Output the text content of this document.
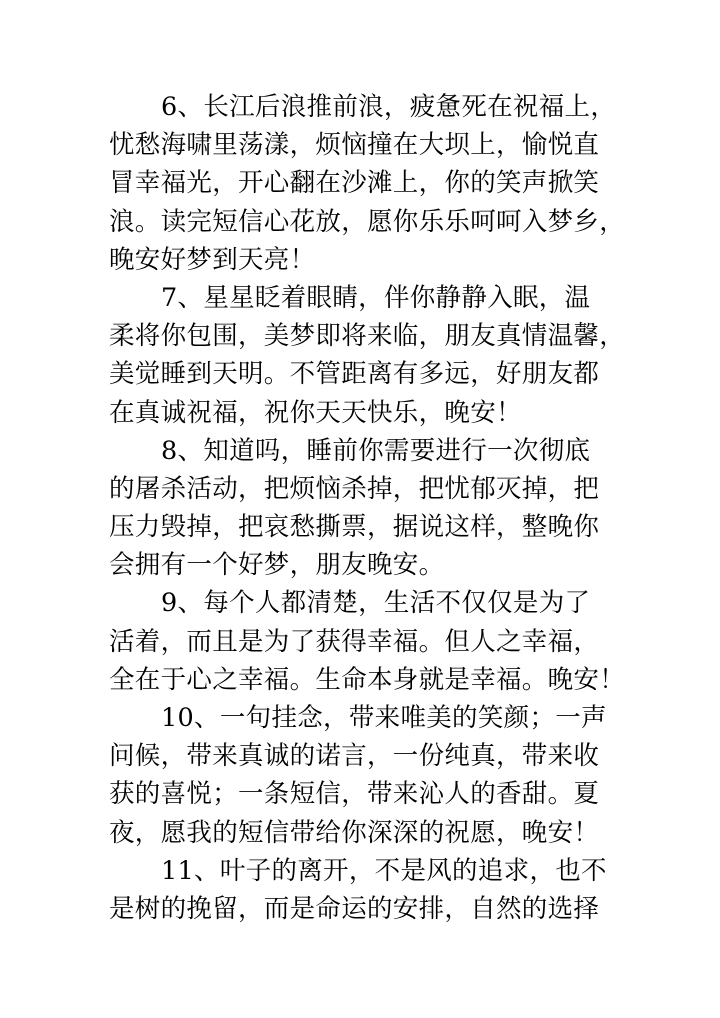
6、长江后浪推前浪，疲惫死在祝福上，
忧愁海啸里荡漾，烦恼撞在大坝上，愉悦直
冒幸福光，开心翻在沙滩上，你的笑声掀笑
浪。读完短信心花放，愿你乐乐呵呵入梦乡，
晚安好梦到天亮！
7、星星眨着眼睛，伴你静静入眠，温
柔将你包围，美梦即将来临，朋友真情温馨，
美觉睡到天明。不管距离有多远，好朋友都
在真诚祝福，祝你天天快乐，晚安！
8、知道吗，睡前你需要进行一次彻底
的屠杀活动，把烦恼杀掉，把忧郁灭掉，把
压力毁掉，把哀愁撕票，据说这样，整晚你
会拥有一个好梦，朋友晚安。
9、每个人都清楚，生活不仅仅是为了
活着，而且是为了获得幸福。但人之幸福，
全在于心之幸福。生命本身就是幸福。晚安！
10、一句挂念，带来唯美的笑颜；一声
问候，带来真诚的诺言，一份纯真，带来收
获的喜悦；一条短信，带来沁人的香甜。夏
夜，愿我的短信带给你深深的祝愿，晚安！
11、叶子的离开，不是风的追求，也不
是树的挽留，而是命运的安排，自然的选择
